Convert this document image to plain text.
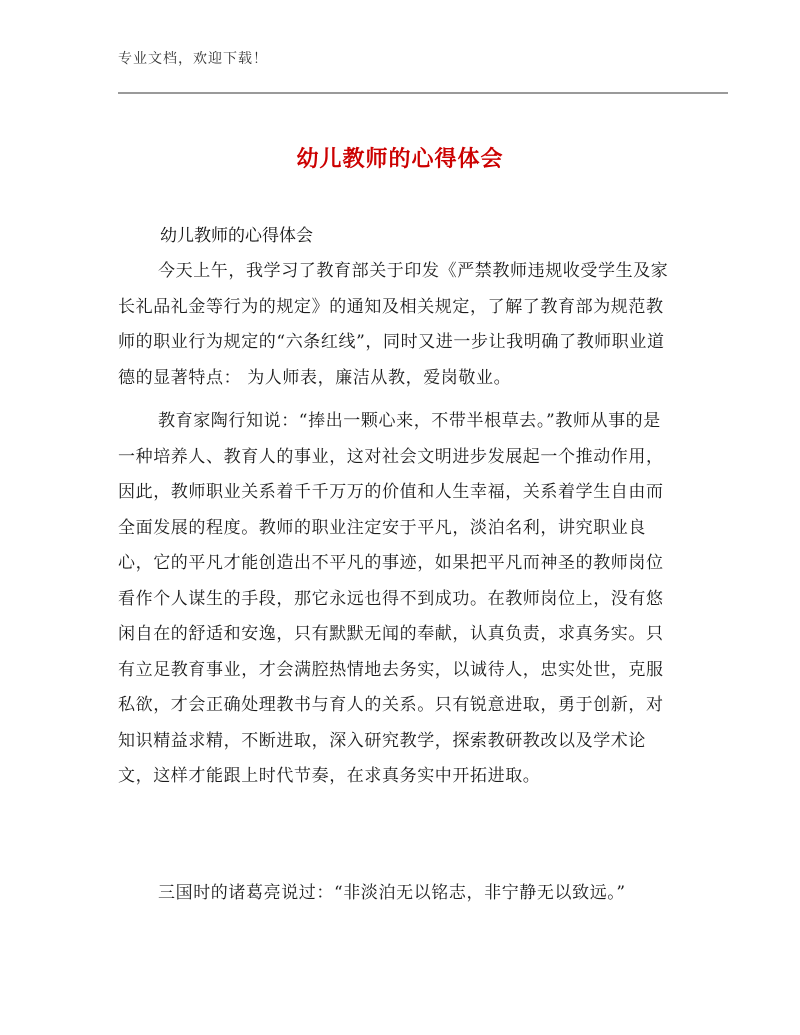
专业文档，欢迎下载！
幼儿教师的心得体会
幼儿教师的心得体会

今天上午，我学习了教育部关于印发《严禁教师违规收受学生及家长礼品礼金等行为的规定》的通知及相关规定，了解了教育部为规范教师的职业行为规定的“六条红线”，同时又进一步让我明确了教师职业道德的显著特点： 为人师表，廉洁从教，爱岗敬业。

教育家陶行知说：“捧出一颗心来，不带半根草去。”教师从事的是一种培养人、教育人的事业，这对社会文明进步发展起一个推动作用，因此，教师职业关系着千千万万的价值和人生幸福，关系着学生自由而全面发展的程度。教师的职业注定安于平凡，淡泊名利，讲究职业良心，它的平凡才能创造出不平凡的事迹，如果把平凡而神圣的教师岗位看作个人谋生的手段，那它永远也得不到成功。在教师岗位上，没有悠闲自在的舒适和安逸，只有默默无闻的奉献，认真负责，求真务实。只有立足教育事业，才会满腔热情地去务实，以诚待人，忠实处世，克服私欲，才会正确处理教书与育人的关系。只有锐意进取，勇于创新，对知识精益求精，不断进取，深入研究教学，探索教研教改以及学术论文，这样才能跟上时代节奏，在求真务实中开拓进取。

三国时的诸葛亮说过：“非淡泊无以铭志，非宁静无以致远。”
